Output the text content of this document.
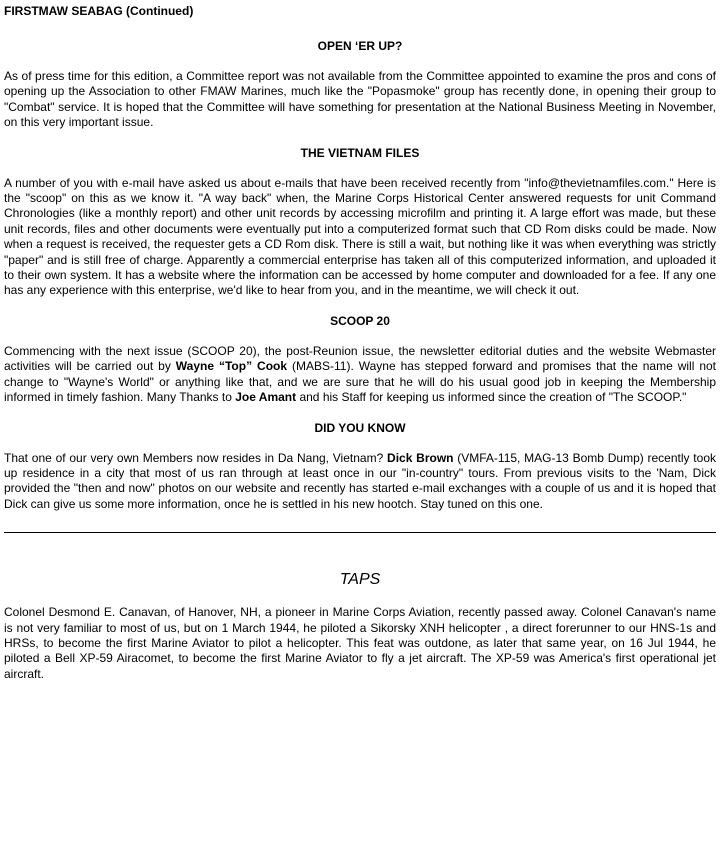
FIRSTMAW SEABAG (Continued)
OPEN ‘ER UP?

As of press time for this edition, a Committee report was not available from the Committee appointed to examine the pros and cons of opening up the Association to other FMAW Marines, much like the "Popasmoke" group has recently done, in opening their group to "Combat" service. It is hoped that the Committee will have something for presentation at the National Business Meeting in November, on this very important issue.

THE VIETNAM FILES

A number of you with e-mail have asked us about e-mails that have been received recently from "info@thevietnamfiles.com." Here is the "scoop" on this as we know it. "A way back" when, the Marine Corps Historical Center answered requests for unit Command Chronologies (like a monthly report) and other unit records by accessing microfilm and printing it. A large effort was made, but these unit records, files and other documents were eventually put into a computerized format such that CD Rom disks could be made. Now when a request is received, the requester gets a CD Rom disk. There is still a wait, but nothing like it was when everything was strictly "paper" and is still free of charge. Apparently a commercial enterprise has taken all of this computerized information, and uploaded it to their own system. It has a website where the information can be accessed by home computer and downloaded for a fee. If any one has any experience with this enterprise, we'd like to hear from you, and in the meantime, we will check it out.

SCOOP 20

Commencing with the next issue (SCOOP 20), the post-Reunion issue, the newsletter editorial duties and the website Webmaster activities will be carried out by Wayne “Top” Cook (MABS-11). Wayne has stepped forward and promises that the name will not change to "Wayne's World" or anything like that, and we are sure that he will do his usual good job in keeping the Membership informed in timely fashion. Many Thanks to Joe Amant and his Staff for keeping us informed since the creation of "The SCOOP."

DID YOU KNOW

That one of our very own Members now resides in Da Nang, Vietnam? Dick Brown (VMFA-115, MAG-13 Bomb Dump) recently took up residence in a city that most of us ran through at least once in our "in-country" tours. From previous visits to the 'Nam, Dick provided the "then and now" photos on our website and recently has started e-mail exchanges with a couple of us and it is hoped that Dick can give us some more information, once he is settled in his new hootch. Stay tuned on this one.

TAPS

Colonel Desmond E. Canavan, of Hanover, NH, a pioneer in Marine Corps Aviation, recently passed away. Colonel Canavan's name is not very familiar to most of us, but on 1 March 1944, he piloted a Sikorsky XNH helicopter , a direct forerunner to our HNS-1s and HRSs, to become the first Marine Aviator to pilot a helicopter. This feat was outdone, as later that same year, on 16 Jul 1944, he piloted a Bell XP-59 Airacomet, to become the first Marine Aviator to fly a jet aircraft. The XP-59 was America's first operational jet aircraft.
